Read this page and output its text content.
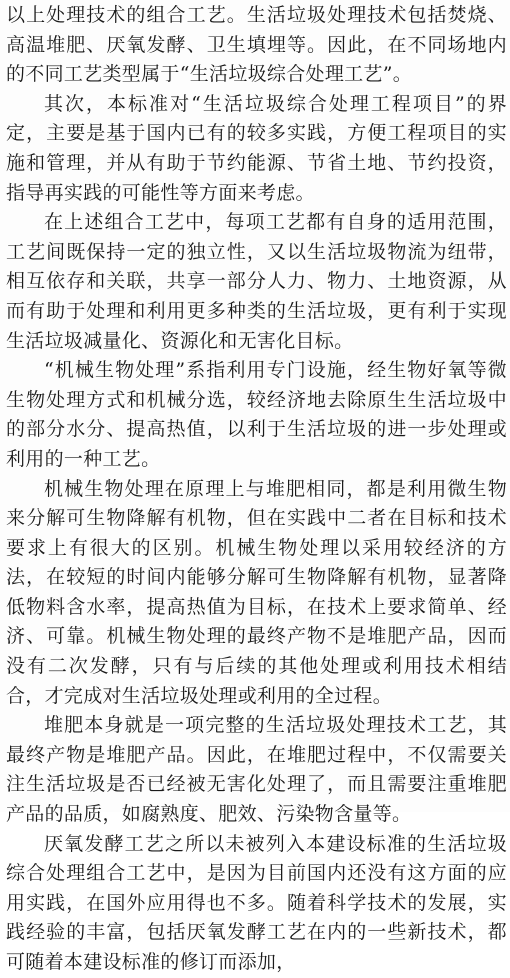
以上处理技术的组合工艺。生活垃圾处理技术包括焚烧、高温堆肥、厌氧发酵、卫生填埋等。因此，在不同场地内的不同工艺类型属于“生活垃圾综合处理工艺”。

其次，本标准对“生活垃圾综合处理工程项目”的界定，主要是基于国内已有的较多实践，方便工程项目的实施和管理，并从有助于节约能源、节省土地、节约投资，指导再实践的可能性等方面来考虑。

在上述组合工艺中，每项工艺都有自身的适用范围，工艺间既保持一定的独立性，又以生活垃圾物流为纽带，相互依存和关联，共享一部分人力、物力、土地资源，从而有助于处理和利用更多种类的生活垃圾，更有利于实现生活垃圾减量化、资源化和无害化目标。

“机械生物处理”系指利用专门设施，经生物好氧等微生物处理方式和机械分选，较经济地去除原生生活垃圾中的部分水分、提高热值，以利于生活垃圾的进一步处理或利用的一种工艺。

机械生物处理在原理上与堆肥相同，都是利用微生物来分解可生物降解有机物，但在实践中二者在目标和技术要求上有很大的区别。机械生物处理以采用较经济的方法，在较短的时间内能够分解可生物降解有机物，显著降低物料含水率，提高热值为目标，在技术上要求简单、经济、可靠。机械生物处理的最终产物不是堆肥产品，因而没有二次发酵，只有与后续的其他处理或利用技术相结合，才完成对生活垃圾处理或利用的全过程。

堆肥本身就是一项完整的生活垃圾处理技术工艺，其最终产物是堆肥产品。因此，在堆肥过程中，不仅需要关注生活垃圾是否已经被无害化处理了，而且需要注重堆肥产品的品质，如腐熟度、肥效、污染物含量等。

厌氧发酵工艺之所以未被列入本建设标准的生活垃圾综合处理组合工艺中，是因为目前国内还没有这方面的应用实践，在国外应用得也不多。随着科学技术的发展，实践经验的丰富，包括厌氧发酵工艺在内的一些新技术，都可随着本建设标准的修订而添加，
